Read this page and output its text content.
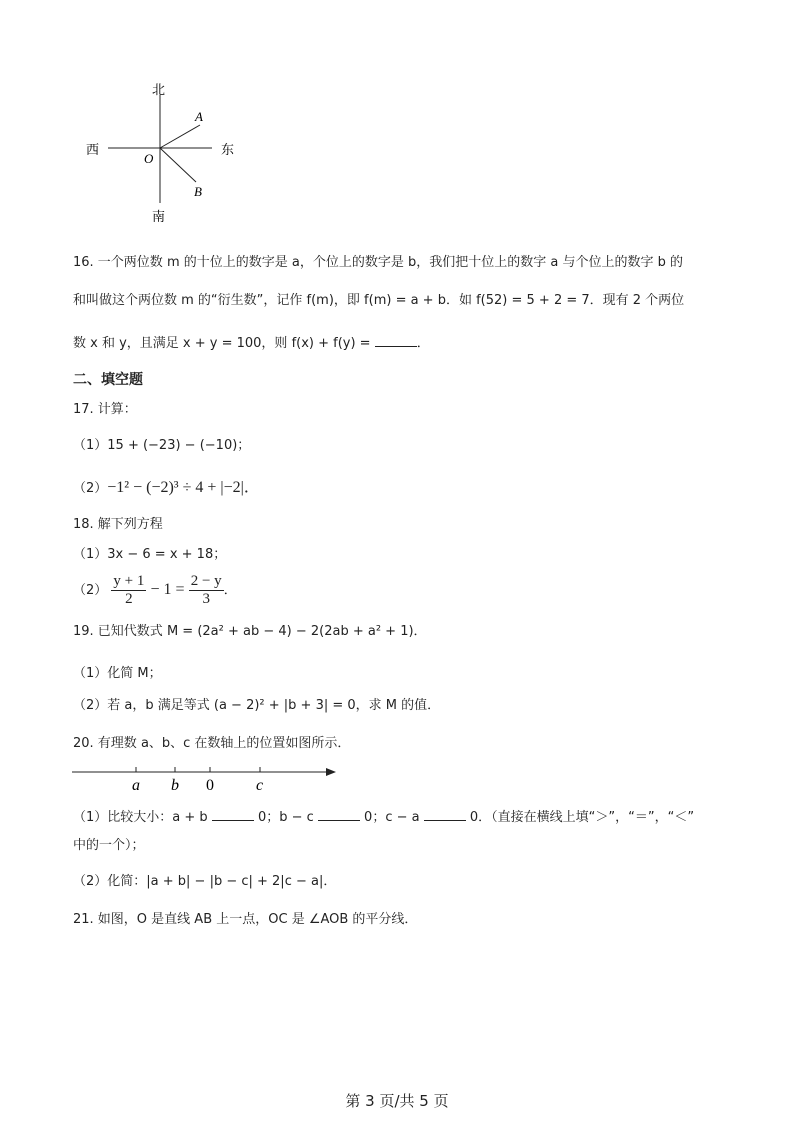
北
南
西	东
O
A
B
16. 一个两位数 m 的十位上的数字是 a，个位上的数字是 b，我们把十位上的数字 a 与个位上的数字 b 的
和叫做这个两位数 m 的“衍生数”，记作 f(m)，即 f(m) = a + b．如 f(52) = 5 + 2 = 7．现有 2 个两位
数 x 和 y，且满足 x + y = 100，则 f(x) + f(y) =	．
二、填空题
17. 计算：
（1）15 + (−23) − (−10)；
（2）−1² − (−2)³ ÷ 4 + |−2|．
18. 解下列方程
（1）3x − 6 = x + 18；
$(2) \frac{y + 1}{2} - 1 = \frac{2 - y}{3}$ ．
19. 已知代数式 M = (2a² + ab − 4) − 2(2ab + a² + 1)．
（1）化简 M；
（2）若 a，b 满足等式 (a − 2)² + |b + 3| = 0，求 M 的值．
20. 有理数 a、b、c 在数轴上的位置如图所示．
a b 0	c
（1）比较大小：a + b	0；b − c	0；c − a	0．（直接在横线上填“＞”，“＝”，“＜”
中的一个）；
（2）化简：|a + b| − |b − c| + 2|c − a|．
21. 如图，O 是直线 AB 上一点，OC 是 ∠AOB 的平分线．
第 3 页/共 5 页
